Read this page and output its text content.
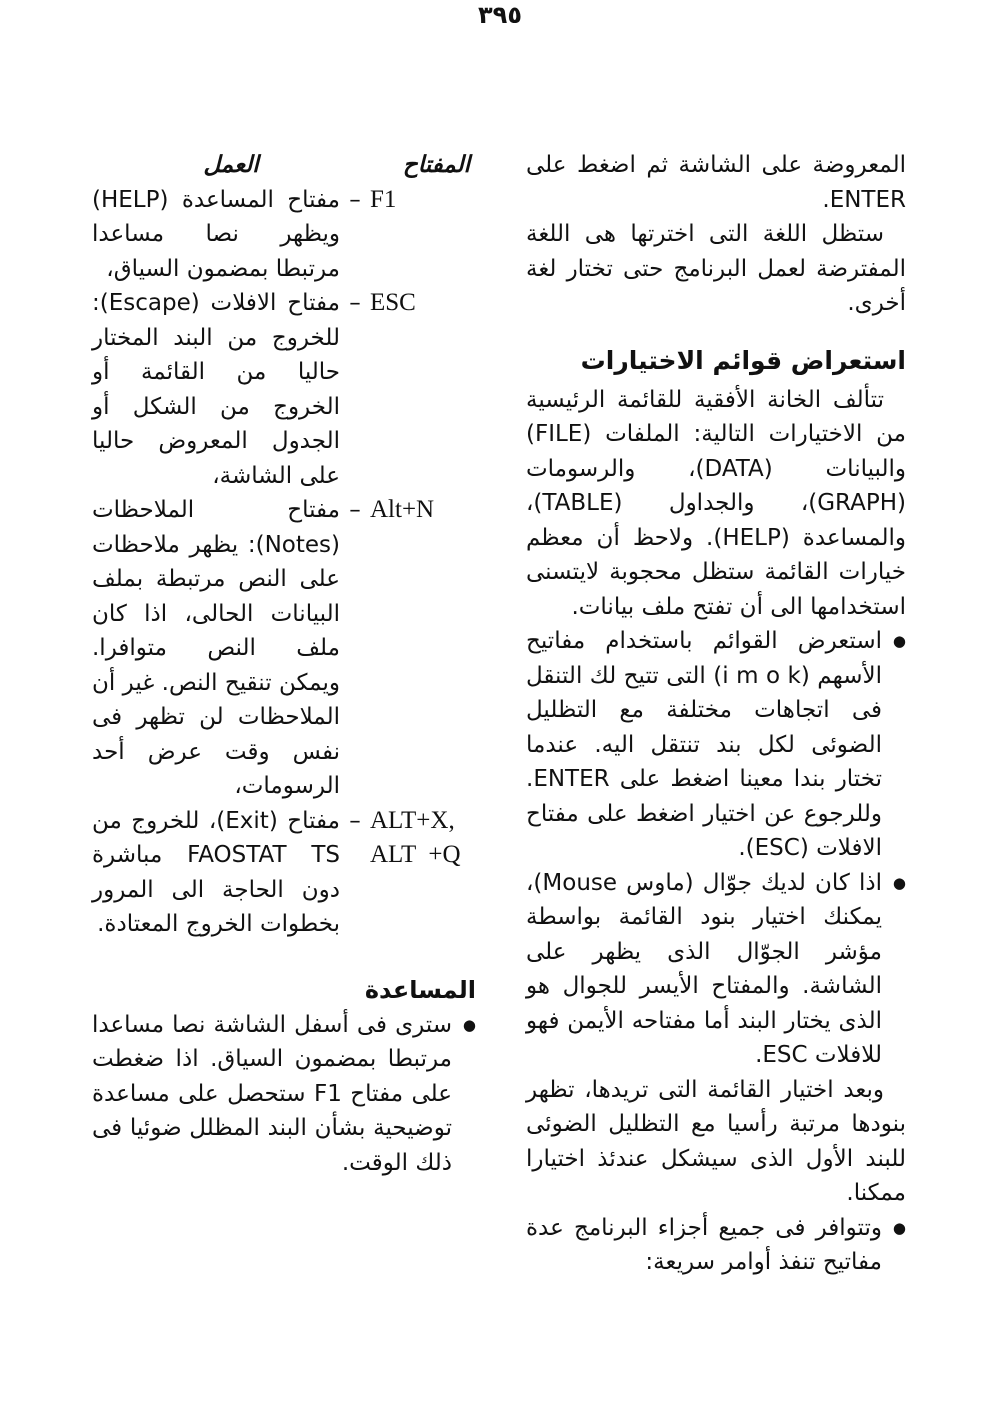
٣٩٥

المعروضة على الشاشة ثم اضغط على ENTER.

ستظل اللغة التى اخترتها هى اللغة المفترضة لعمل البرنامج حتى تختار لغة أخرى.

استعراض قوائم الاختيارات

تتألف الخانة الأفقية للقائمة الرئيسية من الاختيارات التالية: الملفات (FILE) والبيانات (DATA)، والرسومات (GRAPH)، والجداول (TABLE)، والمساعدة (HELP). ولاحظ أن معظم خيارات القائمة ستظل محجوبة لايتسنى استخدامها الى أن تفتح ملف بيانات.

● استعرض القوائم باستخدام مفاتيح الأسهم (i m o k) التى تتيح لك التنقل فى اتجاهات مختلفة مع التظليل الضوئى لكل بند تنتقل اليه. عندما تختار بندا معينا اضغط على ENTER. وللرجوع عن اختيار اضغط على مفتاح الافلات (ESC).

● اذا كان لديك جوّال (ماوس Mouse)، يمكنك اختيار بنود القائمة بواسطة مؤشر الجوّال الذى يظهر على الشاشة. والمفتاح الأيسر للجوال هو الذى يختار البند أما مفتاحه الأيمن فهو للافلات ESC.

وبعد اختيار القائمة التى تريدها، تظهر بنودها مرتبة رأسيا مع التظليل الضوئى للبند الأول الذى سيشكل عندئذ اختيارا ممكنا.

● وتتوافر فى جميع أجزاء البرنامج عدة مفاتيح تنفذ أوامر سريعة:

المفتاح
العمل
F1
–
مفتاح المساعدة (HELP) ويظهر نصا مساعدا مرتبطا بمضمون السياق،
ESC
–
مفتاح الافلات (Escape): للخروج من البند المختار حاليا من القائمة أو الخروج من الشكل أو الجدول المعروض حاليا على الشاشة،
Alt+N
–
مفتاح الملاحظات (Notes): يظهر ملاحظات على النص مرتبطة بملف البيانات الحالى، اذا كان ملف النص متوافرا. ويمكن تنقيح النص. غير أن الملاحظات لن تظهر فى نفس وقت عرض أحد الرسومات،
ALT+X,
ALT  +Q
–
مفتاح (Exit)، للخروج من FAOSTAT TS مباشرة دون الحاجة الى المرور بخطوات الخروج المعتادة.
المساعدة

● سترى فى أسفل الشاشة نصا مساعدا مرتبطا بمضمون السياق. اذا ضغطت على مفتاح F1 ستحصل على مساعدة توضيحية بشأن البند المظلل ضوئيا فى ذلك الوقت.
